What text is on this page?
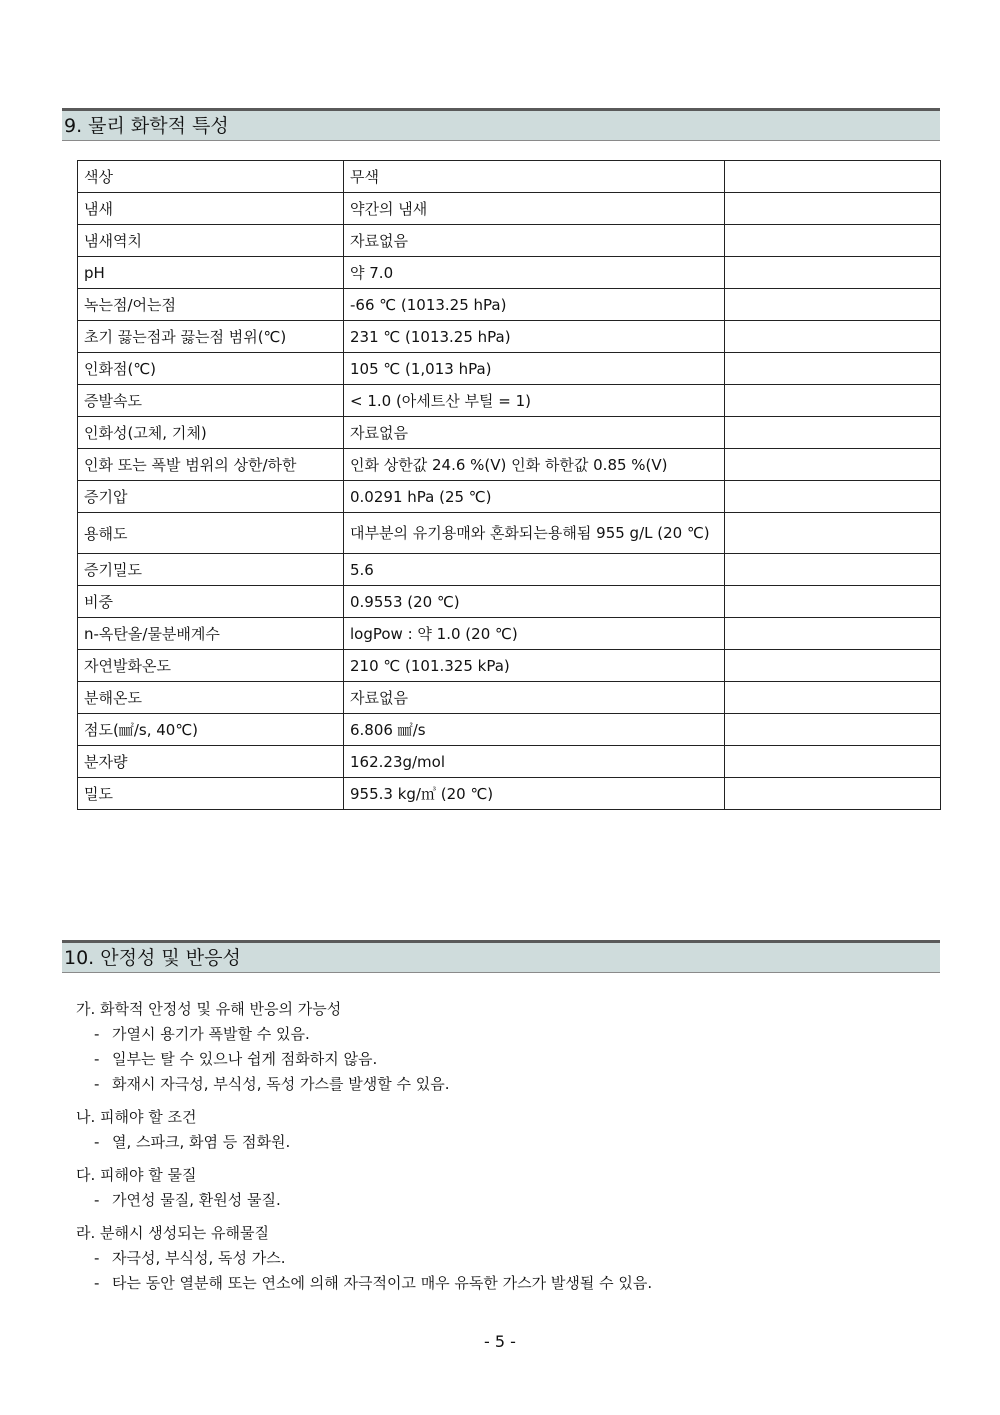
9. 물리 화학적 특성
색상	무색	
냄새	약간의 냄새	
냄새역치	자료없음	
pH	약 7.0	
녹는점/어는점	-66 ℃ (1013.25 hPa)	
초기 끓는점과 끓는점 범위(℃)	231 ℃ (1013.25 hPa)	
인화점(℃)	105 ℃ (1,013 hPa)	
증발속도	< 1.0 (아세트산 부틸 = 1)	
인화성(고체, 기체)	자료없음	
인화 또는 폭발 범위의 상한/하한	인화 상한값 24.6 %(V) 인화 하한값 0.85 %(V)	
증기압	0.0291 hPa (25 ℃)	
용해도	대부분의 유기용매와 혼화되는용해됨 955 g/L (20 ℃)	
증기밀도	5.6	
비중	0.9553 (20 ℃)	
n-옥탄올/물분배계수	logPow : 약 1.0 (20 ℃)	
자연발화온도	210 ℃ (101.325 kPa)	
분해온도	자료없음	
점도(㎟/s, 40℃)	6.806 ㎟/s	
분자량	162.23g/mol	
밀도	955.3 kg/㎥ (20 ℃)	
10. 안정성 및 반응성
가. 화학적 안정성 및 유해 반응의 가능성
- 가열시 용기가 폭발할 수 있음.
- 일부는 탈 수 있으나 쉽게 점화하지 않음.
- 화재시 자극성, 부식성, 독성 가스를 발생할 수 있음.
나. 피해야 할 조건
- 열, 스파크, 화염 등 점화원.
다. 피해야 할 물질
- 가연성 물질, 환원성 물질.
라. 분해시 생성되는 유해물질
- 자극성, 부식성, 독성 가스.
- 타는 동안 열분해 또는 연소에 의해 자극적이고 매우 유독한 가스가 발생될 수 있음.
- 5 -
